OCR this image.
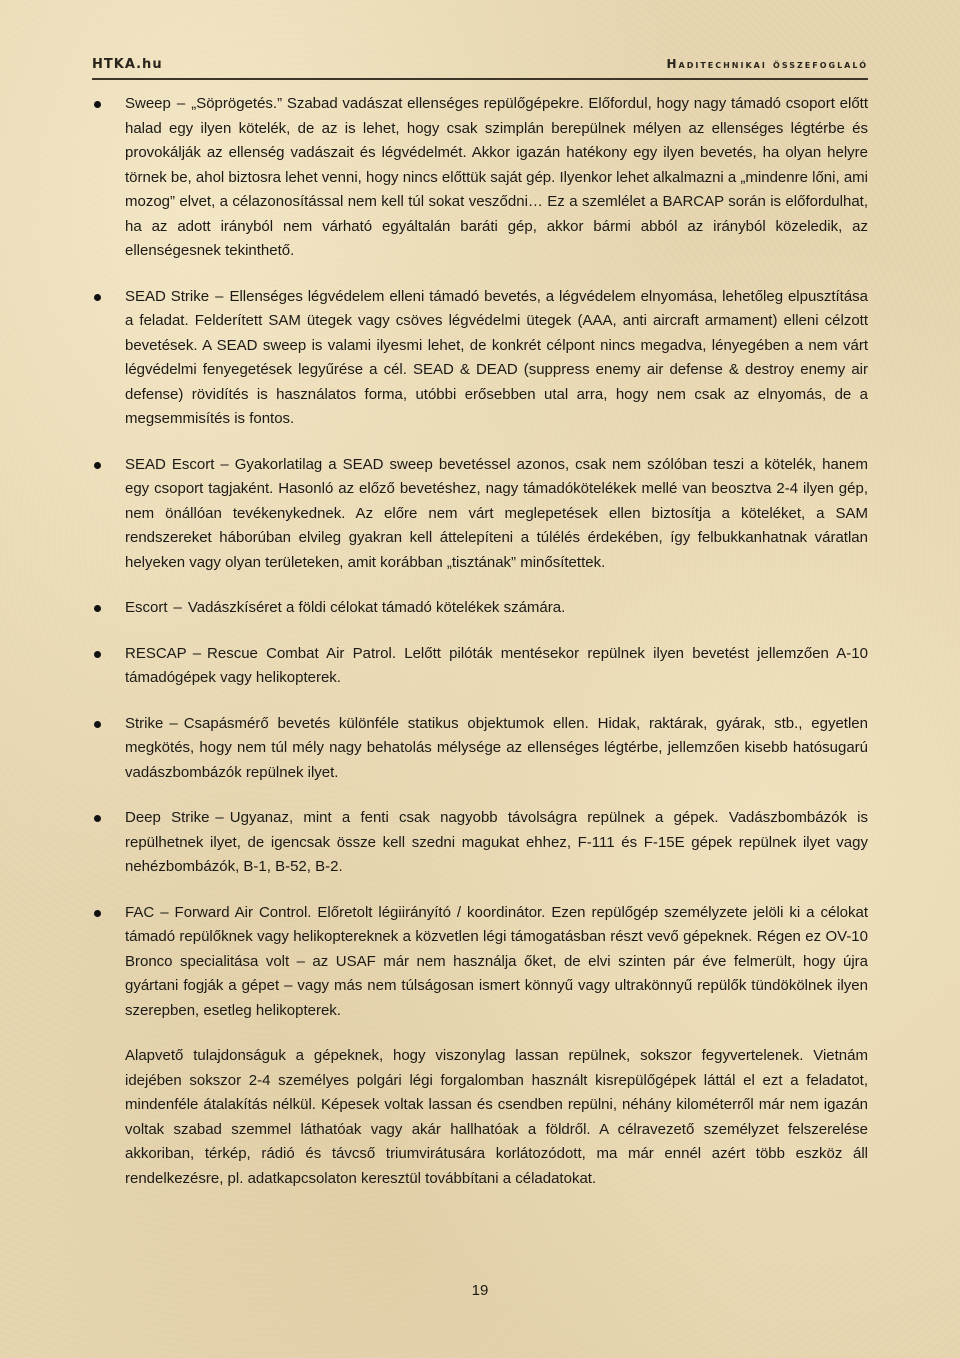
HTKA.hu	Haditechnikai összefoglaló
Sweep – „Söprögetés.” Szabad vadászat ellenséges repülőgépekre. Előfordul, hogy nagy támadó csoport előtt halad egy ilyen kötelék, de az is lehet, hogy csak szimplán berepülnek mélyen az ellenséges légtérbe és provokálják az ellenség vadászait és légvédelmét. Akkor igazán hatékony egy ilyen bevetés, ha olyan helyre törnek be, ahol biztosra lehet venni, hogy nincs előttük saját gép. Ilyenkor lehet alkalmazni a „mindenre lőni, ami mozog” elvet, a célazonosítással nem kell túl sokat vesződni… Ez a szemlélet a BARCAP során is előfordulhat, ha az adott irányból nem várható egyáltalán baráti gép, akkor bármi abból az irányból közeledik, az ellenségesnek tekinthető.
SEAD Strike – Ellenséges légvédelem elleni támadó bevetés, a légvédelem elnyomása, lehetőleg elpusztítása a feladat. Felderített SAM ütegek vagy csöves légvédelmi ütegek (AAA, anti aircraft armament) elleni célzott bevetések. A SEAD sweep is valami ilyesmi lehet, de konkrét célpont nincs megadva, lényegében a nem várt légvédelmi fenyegetések legyűrése a cél. SEAD & DEAD (suppress enemy air defense & destroy enemy air defense) rövidítés is használatos forma, utóbbi erősebben utal arra, hogy nem csak az elnyomás, de a megsemmisítés is fontos.
SEAD Escort – Gyakorlatilag a SEAD sweep bevetéssel azonos, csak nem szólóban teszi a kötelék, hanem egy csoport tagjaként. Hasonló az előző bevetéshez, nagy támadókötelékek mellé van beosztva 2-4 ilyen gép, nem önállóan tevékenykednek. Az előre nem várt meglepetések ellen biztosítja a köteléket, a SAM rendszereket háborúban elvileg gyakran kell áttelepíteni a túlélés érdekében, így felbukkanhatnak váratlan helyeken vagy olyan területeken, amit korábban „tisztának” minősítettek.
Escort – Vadászkíséret a földi célokat támadó kötelékek számára.
RESCAP – Rescue Combat Air Patrol. Lelőtt pilóták mentésekor repülnek ilyen bevetést jellemzően A-10 támadógépek vagy helikopterek.
Strike – Csapásmérő bevetés különféle statikus objektumok ellen. Hidak, raktárak, gyárak, stb., egyetlen megkötés, hogy nem túl mély nagy behatolás mélysége az ellenséges légtérbe, jellemzően kisebb hatósugarú vadászbombázók repülnek ilyet.
Deep Strike – Ugyanaz, mint a fenti csak nagyobb távolságra repülnek a gépek. Vadászbombázók is repülhetnek ilyet, de igencsak össze kell szedni magukat ehhez, F-111 és F-15E gépek repülnek ilyet vagy nehézbombázók, B-1, B-52, B-2.
FAC – Forward Air Control. Előretolt légiirányító / koordinátor. Ezen repülőgép személyzete jelöli ki a célokat támadó repülőknek vagy helikoptereknek a közvetlen légi támogatásban részt vevő gépeknek. Régen ez OV-10 Bronco specialitása volt – az USAF már nem használja őket, de elvi szinten pár éve felmerült, hogy újra gyártani fogják a gépet – vagy más nem túlságosan ismert könnyű vagy ultrakönnyű repülők tündökölnek ilyen szerepben, esetleg helikopterek.
Alapvető tulajdonságuk a gépeknek, hogy viszonylag lassan repülnek, sokszor fegyvertelenek. Vietnám idejében sokszor 2-4 személyes polgári légi forgalomban használt kisrepülőgépek láttál el ezt a feladatot, mindenféle átalakítás nélkül. Képesek voltak lassan és csendben repülni, néhány kilométerről már nem igazán voltak szabad szemmel láthatóak vagy akár hallhatóak a földről. A célravezető személyzet felszerelése akkoriban, térkép, rádió és távcső triumvirátusára korlátozódott, ma már ennél azért több eszköz áll rendelkezésre, pl. adatkapcsolaton keresztül továbbítani a céladatokat.
19
